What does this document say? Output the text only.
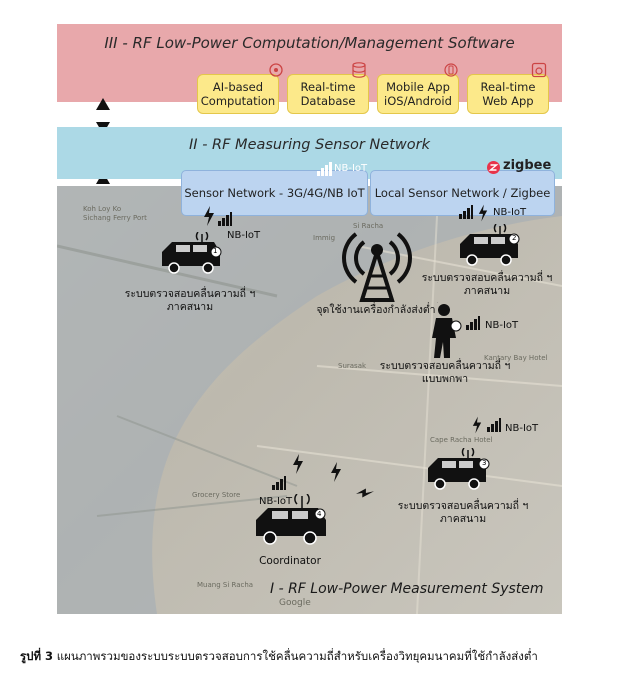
III - RF Low-Power Computation/Management Software
AI-based
Computation
Real-time
Database
Mobile App
iOS/Android
Real-time
Web App
II - RF Measuring Sensor Network
Koh Loy Ko
Sichang Ferry Port
Immig
Si Racha
Grocery Store
Muang Si Racha
Kantary Bay Hotel
Cape Racha Hotel
Google
Surasak
Sensor Network - 3G/4G/NB IoT Local Sensor Network / Zigbee
NB-IoT	zigbee
จุดใช้งานเครื่องกำลังส่งต่ำ
1
NB-IoT
ระบบตรวจสอบคลื่นความถี่ ฯ
ภาคสนาม
2
NB-IoT
ระบบตรวจสอบคลื่นความถี่ ฯ
ภาคสนาม
NB-IoT
ระบบตรวจสอบคลื่นความถี่ ฯ
แบบพกพา
3
NB-IoT
ระบบตรวจสอบคลื่นความถี่ ฯ
ภาคสนาม
4
NB-IoT
Coordinator
I - RF Low-Power Measurement System
รูปที่ 3 แผนภาพรวมของระบบระบบตรวจสอบการใช้คลื่นความถี่สำหรับเครื่องวิทยุคมนาคมที่ใช้กำลังส่งต่ำ
